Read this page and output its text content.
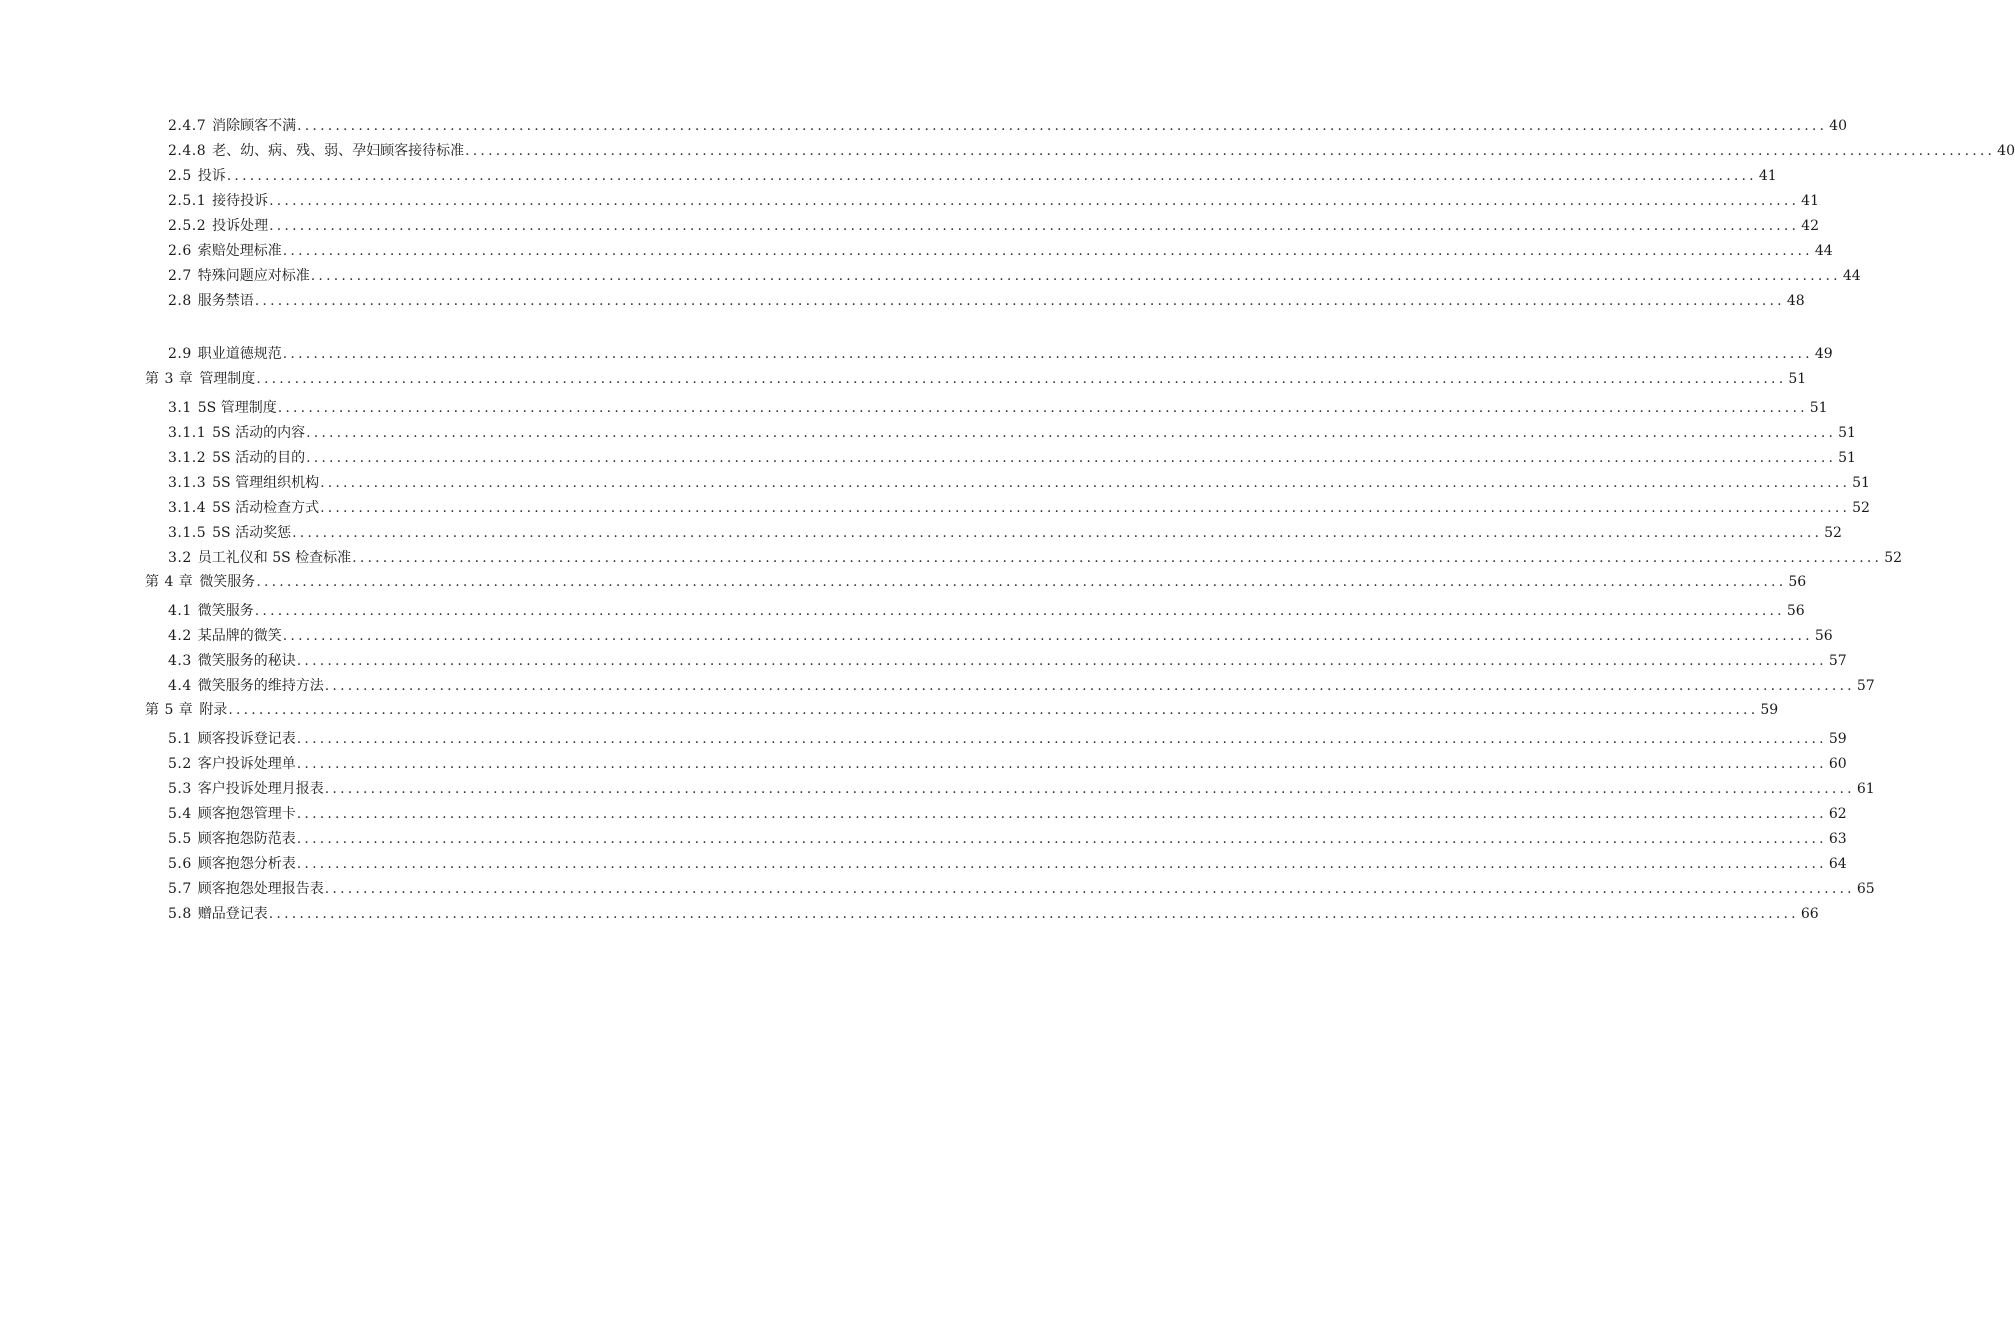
2.4.7 消除顾客不满 ........................................................................................................................................................................................................ 40
2.4.8 老、幼、病、残、弱、孕妇顾客接待标准 ........................................................................................................................................................................................................ 40
2.5 投诉 ........................................................................................................................................................................................................ 41
2.5.1 接待投诉 ........................................................................................................................................................................................................ 41
2.5.2 投诉处理 ........................................................................................................................................................................................................ 42
2.6 索赔处理标准 ........................................................................................................................................................................................................ 44
2.7 特殊问题应对标准 ........................................................................................................................................................................................................ 44
2.8 服务禁语 ........................................................................................................................................................................................................ 48
2.9 职业道德规范 ........................................................................................................................................................................................................ 49
第 3 章 管理制度 ........................................................................................................................................................................................................ 51
3.1 5S 管理制度 ........................................................................................................................................................................................................ 51
3.1.1 5S 活动的内容 ........................................................................................................................................................................................................ 51
3.1.2 5S 活动的目的 ........................................................................................................................................................................................................ 51
3.1.3 5S 管理组织机构 ........................................................................................................................................................................................................ 51
3.1.4 5S 活动检查方式 ........................................................................................................................................................................................................ 52
3.1.5 5S 活动奖惩 ........................................................................................................................................................................................................ 52
3.2 员工礼仪和 5S 检查标准 ........................................................................................................................................................................................................ 52
第 4 章 微笑服务 ........................................................................................................................................................................................................ 56
4.1 微笑服务 ........................................................................................................................................................................................................ 56
4.2 某品牌的微笑 ........................................................................................................................................................................................................ 56
4.3 微笑服务的秘诀 ........................................................................................................................................................................................................ 57
4.4 微笑服务的维持方法 ........................................................................................................................................................................................................ 57
第 5 章 附录 ........................................................................................................................................................................................................ 59
5.1 顾客投诉登记表 ........................................................................................................................................................................................................ 59
5.2 客户投诉处理单 ........................................................................................................................................................................................................ 60
5.3 客户投诉处理月报表 ........................................................................................................................................................................................................ 61
5.4 顾客抱怨管理卡 ........................................................................................................................................................................................................ 62
5.5 顾客抱怨防范表 ........................................................................................................................................................................................................ 63
5.6 顾客抱怨分析表 ........................................................................................................................................................................................................ 64
5.7 顾客抱怨处理报告表 ........................................................................................................................................................................................................ 65
5.8 赠品登记表 ........................................................................................................................................................................................................ 66
